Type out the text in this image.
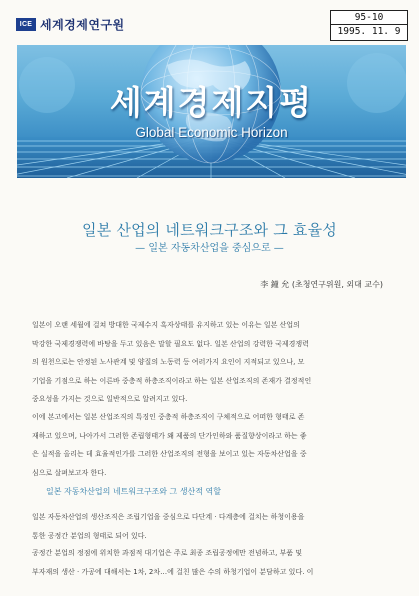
ICE 세계경제연구원	95-10
1995. 11. 9
세계경제지평
Global Economic Horizon
일본 산업의 네트워크구조와 그 효율성
— 일본 자동차산업을 중심으로 —
李 鐘 允 (초청연구위원, 외대 교수)
일본이 오랜 세월에 걸쳐 방대한 국제수지 흑자상태를 유지하고 있는 이유는 일본 산업의
막강한 국제경쟁력에 바탕을 두고 있음은 말할 필요도 없다. 일본 산업의 강력한 국제경쟁력
의 원천으로는 안정된 노사관계 및 양질의 노동력 등 여러가지 요인이 지적되고 있으나, 모
기업을 기점으로 하는 이른바 중층적 하층조직이라고 하는 일본 산업조직의 존재가 결정적인
중요성을 가지는 것으로 일반적으로 알려지고 있다.
이에 본고에서는 일본 산업조직의 특징인 중층적 하층조직이 구체적으로 어떠한 형태로 존
재하고 있으며, 나아가서 그러한 존립형태가 왜 제품의 단가인하와 품질향상이라고 하는 좋
은 실적을 올리는 데 효율적인가를 그러한 산업조직의 전형을 보이고 있는 자동차산업을 중
심으로 살펴보고자 한다.
일본 자동차산업의 네트워크구조와 그 생산적 역할
일본 자동차산업의 생산조직은 조립기업을 중심으로 다단계 · 다계층에 걸치는 하청이용을
통한 공정간 분업의 형태로 되어 있다.
공정간 분업의 정점에 위치한 과점적 대기업은 주로 최종 조립공정에만 전념하고, 부품 및
부자재의 생산 · 가공에 대해서는 1차, 2차…에 걸친 많은 수의 하청기업이 분담하고 있다. 이
